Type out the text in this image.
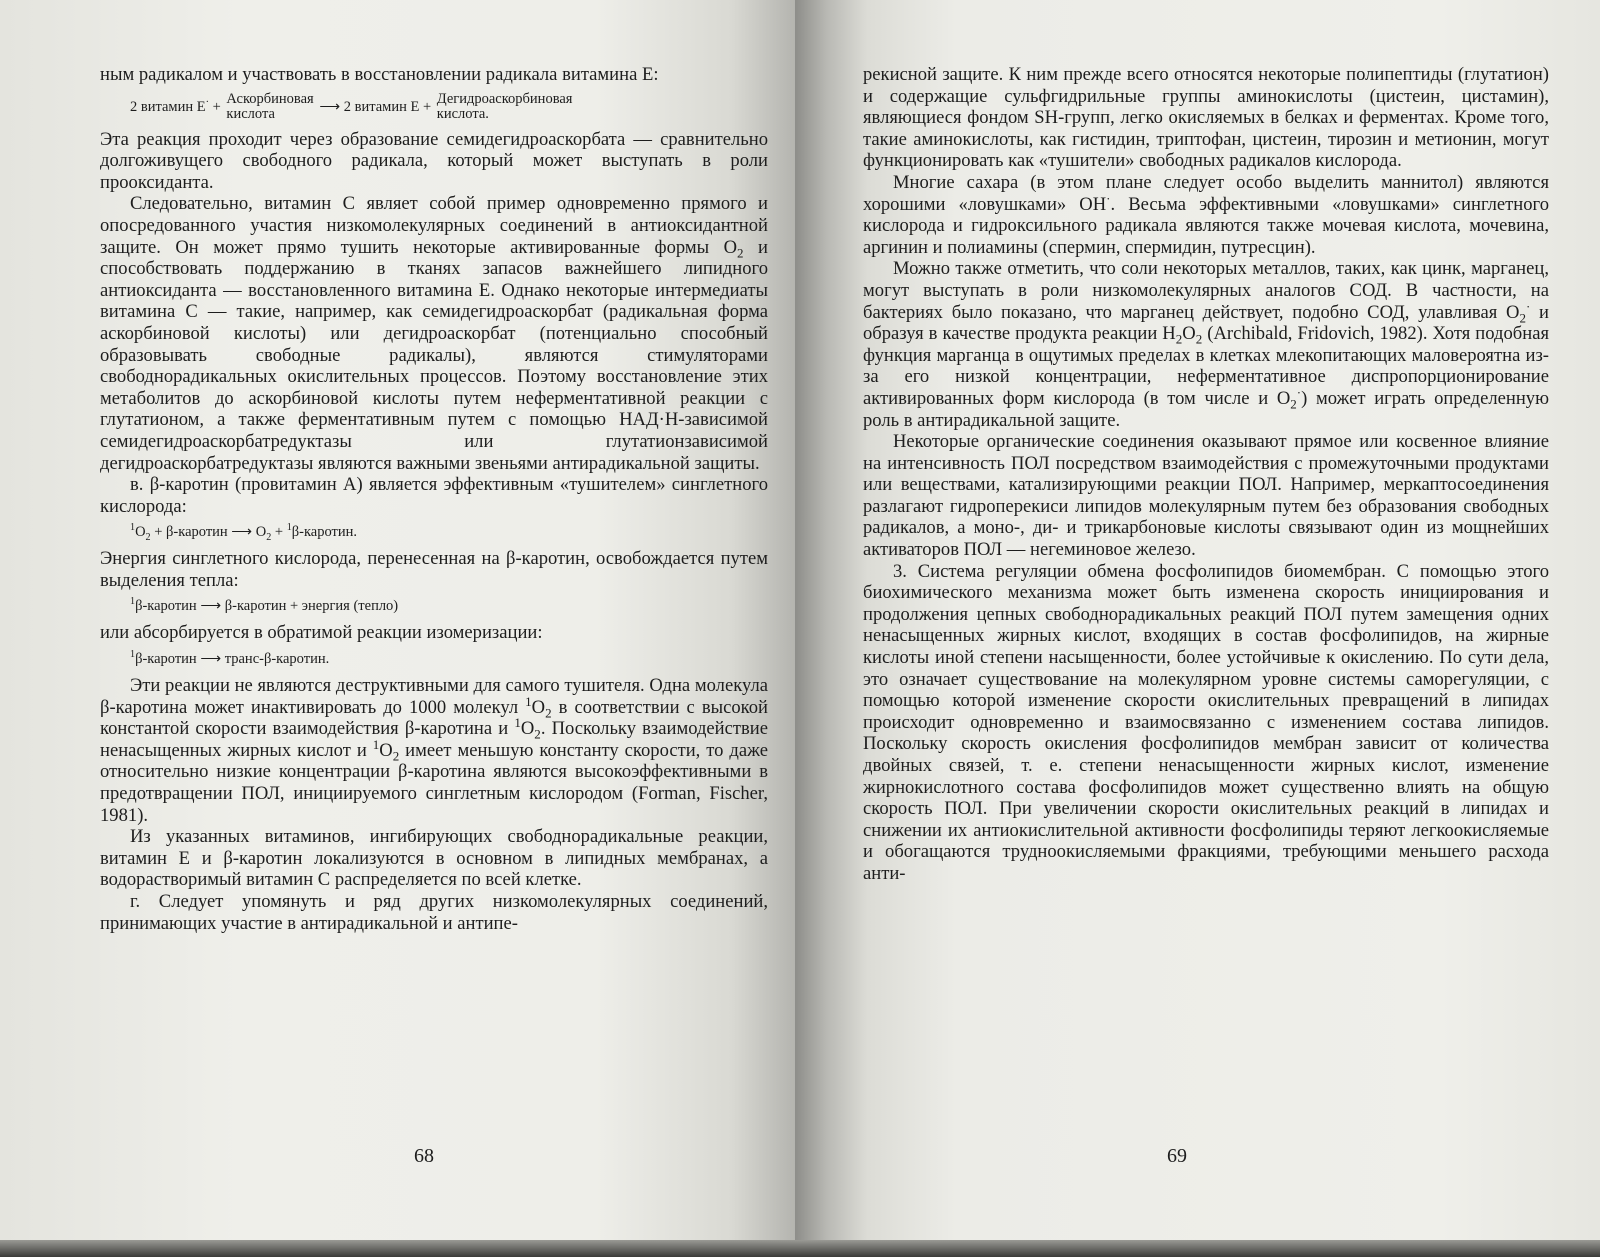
ным радикалом и участвовать в восстановлении радикала витамина E:

2 витамин E· + Аскорбиновая
кислота	⟶ 2 витамин E + Дегидроаскорбиновая
кислота.

Эта реакция проходит через образование семидегидроаскорбата — сравнительно долгоживущего свободного радикала, который может выступать в роли прооксиданта.

Следовательно, витамин C являет собой пример одновременно прямого и опосредованного участия низкомолекулярных соединений в антиоксидантной защите. Он может прямо тушить некоторые активированные формы $O_2$ и способствовать поддержанию в тканях запасов важнейшего липидного антиоксиданта — восстановленного витамина E. Однако некоторые интермедиаты витамина C — такие, например, как семидегидроаскорбат (радикальная форма аскорбиновой кислоты) или дегидроаскорбат (потенциально способный образовывать свободные радикалы), являются стимуляторами свободнорадикальных окислительных процессов. Поэтому восстановление этих метаболитов до аскорбиновой кислоты путем неферментативной реакции с глутатионом, а также ферментативным путем с помощью НАД·Н-зависимой семидегидроаскорбатредуктазы или глутатионзависимой дегидроаскорбатредуктазы являются важными звеньями антирадикальной защиты.

в. β-каротин (провитамин A) является эффективным «тушителем» синглетного кислорода:

$^1O_2$ + β-каротин ⟶ $O_2$ + $^1$β-каротин.

Энергия синглетного кислорода, перенесенная на β-каротин, освобождается путем выделения тепла:

$^1$β-каротин ⟶ β-каротин + энергия (тепло)

или абсорбируется в обратимой реакции изомеризации:

$^1$β-каротин ⟶ транс-β-каротин.

Эти реакции не являются деструктивными для самого тушителя. Одна молекула β-каротина может инактивировать до 1000 молекул $^1O_2$ в соответствии с высокой константой скорости взаимодействия β-каротина и $^1O_2$. Поскольку взаимодействие ненасыщенных жирных кислот и $^1O_2$ имеет меньшую константу скорости, то даже относительно низкие концентрации β-каротина являются высокоэффективными в предотвращении ПОЛ, инициируемого синглетным кислородом (Forman, Fischer, 1981).

Из указанных витаминов, ингибирующих свободнорадикальные реакции, витамин E и β-каротин локализуются в основном в липидных мембранах, а водорастворимый витамин C распределяется по всей клетке.

г. Следует упомянуть и ряд других низкомолекулярных соединений, принимающих участие в антирадикальной и антипе-

68

рекисной защите. К ним прежде всего относятся некоторые полипептиды (глутатион) и содержащие сульфгидрильные группы аминокислоты (цистеин, цистамин), являющиеся фондом SH-групп, легко окисляемых в белках и ферментах. Кроме того, такие аминокислоты, как гистидин, триптофан, цистеин, тирозин и метионин, могут функционировать как «тушители» свободных радикалов кислорода.

Многие сахара (в этом плане следует особо выделить маннитол) являются хорошими «ловушками» OH·. Весьма эффективными «ловушками» синглетного кислорода и гидроксильного радикала являются также мочевая кислота, мочевина, аргинин и полиамины (спермин, спермидин, путресцин).

Можно также отметить, что соли некоторых металлов, таких, как цинк, марганец, могут выступать в роли низкомолекулярных аналогов СОД. В частности, на бактериях было показано, что марганец действует, подобно СОД, улавливая $O_2^\cdot$ и образуя в качестве продукта реакции $H_2O_2$ (Archibald, Fridovich, 1982). Хотя подобная функция марганца в ощутимых пределах в клетках млекопитающих маловероятна из-за его низкой концентрации, неферментативное диспропорционирование активированных форм кислорода (в том числе и $O_2^\cdot$) может играть определенную роль в антирадикальной защите.

Некоторые органические соединения оказывают прямое или косвенное влияние на интенсивность ПОЛ посредством взаимодействия с промежуточными продуктами или веществами, катализирующими реакции ПОЛ. Например, меркаптосоединения разлагают гидроперекиси липидов молекулярным путем без образования свободных радикалов, а моно-, ди- и трикарбоновые кислоты связывают один из мощнейших активаторов ПОЛ — негеминовое железо.

3. Система регуляции обмена фосфолипидов биомембран. С помощью этого биохимического механизма может быть изменена скорость инициирования и продолжения цепных свободнорадикальных реакций ПОЛ путем замещения одних ненасыщенных жирных кислот, входящих в состав фосфолипидов, на жирные кислоты иной степени насыщенности, более устойчивые к окислению. По сути дела, это означает существование на молекулярном уровне системы саморегуляции, с помощью которой изменение скорости окислительных превращений в липидах происходит одновременно и взаимосвязанно с изменением состава липидов. Поскольку скорость окисления фосфолипидов мембран зависит от количества двойных связей, т. е. степени ненасыщенности жирных кислот, изменение жирнокислотного состава фосфолипидов может существенно влиять на общую скорость ПОЛ. При увеличении скорости окислительных реакций в липидах и снижении их антиокислительной активности фосфолипиды теряют легкоокисляемые и обогащаются трудноокисляемыми фракциями, требующими меньшего расхода анти-

69
